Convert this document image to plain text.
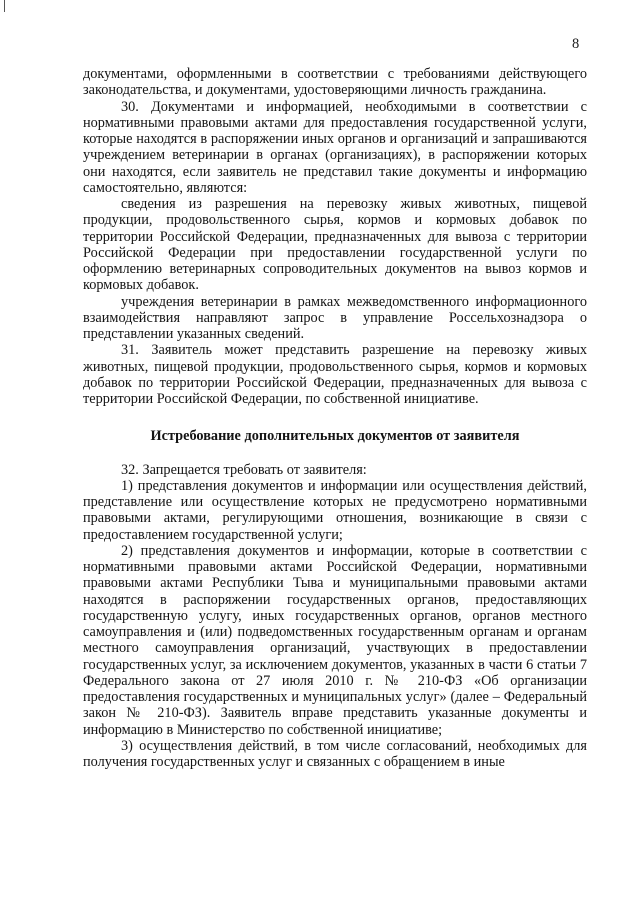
8

документами, оформленными в соответствии с требованиями действующего законодательства, и документами, удостоверяющими личность гражданина.

30. Документами и информацией, необходимыми в соответствии с нормативными правовыми актами для предоставления государственной услуги, которые находятся в распоряжении иных органов и организаций и запрашиваются учреждением ветеринарии в органах (организациях), в распоряжении которых они находятся, если заявитель не представил такие документы и информацию самостоятельно, являются:

сведения из разрешения на перевозку живых животных, пищевой продукции, продовольственного сырья, кормов и кормовых добавок по территории Российской Федерации, предназначенных для вывоза с территории Российской Федерации при предоставлении государственной услуги по оформлению ветеринарных сопроводительных документов на вывоз кормов и кормовых добавок.

учреждения ветеринарии в рамках межведомственного информационного взаимодействия направляют запрос в управление Россельхознадзора о представлении указанных сведений.

31. Заявитель может представить разрешение на перевозку живых животных, пищевой продукции, продовольственного сырья, кормов и кормовых добавок по территории Российской Федерации, предназначенных для вывоза с территории Российской Федерации, по собственной инициативе.

Истребование дополнительных документов от заявителя

32. Запрещается требовать от заявителя:

1) представления документов и информации или осуществления действий, представление или осуществление которых не предусмотрено нормативными правовыми актами, регулирующими отношения, возникающие в связи с предоставлением государственной услуги;

2) представления документов и информации, которые в соответствии с нормативными правовыми актами Российской Федерации, нормативными правовыми актами Республики Тыва и муниципальными правовыми актами находятся в распоряжении государственных органов, предоставляющих государственную услугу, иных государственных органов, органов местного самоуправления и (или) подведомственных государственным органам и органам местного самоуправления организаций, участвующих в предоставлении государственных услуг, за исключением документов, указанных в части 6 статьи 7 Федерального закона от 27 июля 2010 г. № 210-ФЗ «Об организации предоставления государственных и муниципальных услуг» (далее – Федеральный закон № 210-ФЗ). Заявитель вправе представить указанные документы и информацию в Министерство по собственной инициативе;

3) осуществления действий, в том числе согласований, необходимых для получения государственных услуг и связанных с обращением в иные
